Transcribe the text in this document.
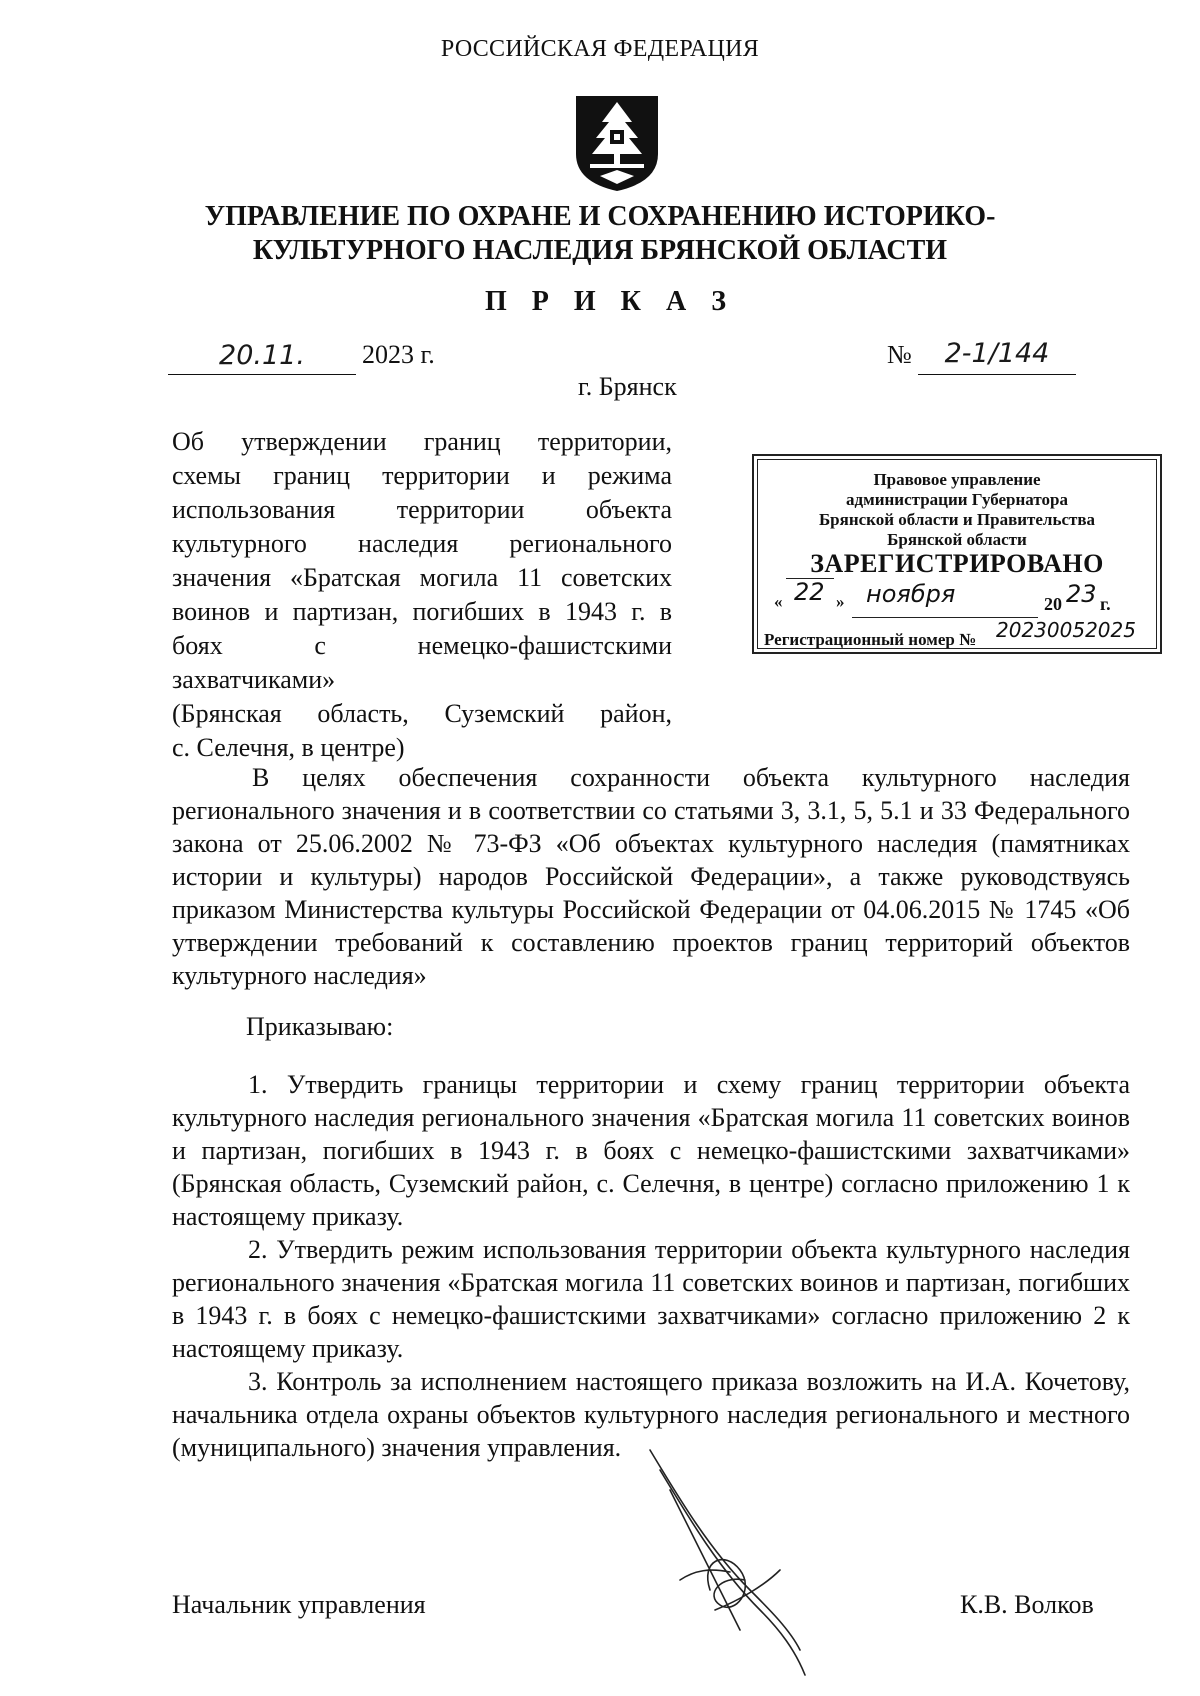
РОССИЙСКАЯ ФЕДЕРАЦИЯ
УПРАВЛЕНИЕ ПО ОХРАНЕ И СОХРАНЕНИЮ ИСТОРИКО-
КУЛЬТУРНОГО НАСЛЕДИЯ БРЯНСКОЙ ОБЛАСТИ
П Р И К А З
20.11.	2023 г.	№	2-1/144
г. Брянск

Об утверждении границ территории,

схемы границ территории и режима

использования территории объекта

культурного наследия регионального

значения «Братская могила 11 советских

воинов и партизан, погибших в 1943 г. в

боях с немецко-фашистскими

захватчиками»

(Брянская область, Суземский район,

с. Селечня, в центре)

Правовое управление
администрации Губернатора
Брянской области и Правительства
Брянской области
ЗАРЕГИСТРИРОВАНО
« 22 » ноября	20 23 г.
Регистрационный номер № 20230052025

В целях обеспечения сохранности объекта культурного наследия регионального значения и в соответствии со статьями 3, 3.1, 5, 5.1 и 33 Федерального закона от 25.06.2002 № 73-ФЗ «Об объектах культурного наследия (памятниках истории и культуры) народов Российской Федерации», а также руководствуясь приказом Министерства культуры Российской Федерации от 04.06.2015 № 1745 «Об утверждении требований к составлению проектов границ территорий объектов культурного наследия»

Приказываю:

1. Утвердить границы территории и схему границ территории объекта культурного наследия регионального значения «Братская могила 11 советских воинов и партизан, погибших в 1943 г. в боях с немецко-фашистскими захватчиками» (Брянская область, Суземский район, с. Селечня, в центре) согласно приложению 1 к настоящему приказу.

2. Утвердить режим использования территории объекта культурного наследия регионального значения «Братская могила 11 советских воинов и партизан, погибших в 1943 г. в боях с немецко-фашистскими захватчиками» согласно приложению 2 к настоящему приказу.

3. Контроль за исполнением настоящего приказа возложить на И.А. Кочетову, начальника отдела охраны объектов культурного наследия регионального и местного (муниципального) значения управления.

Начальник управления	К.В. Волков
